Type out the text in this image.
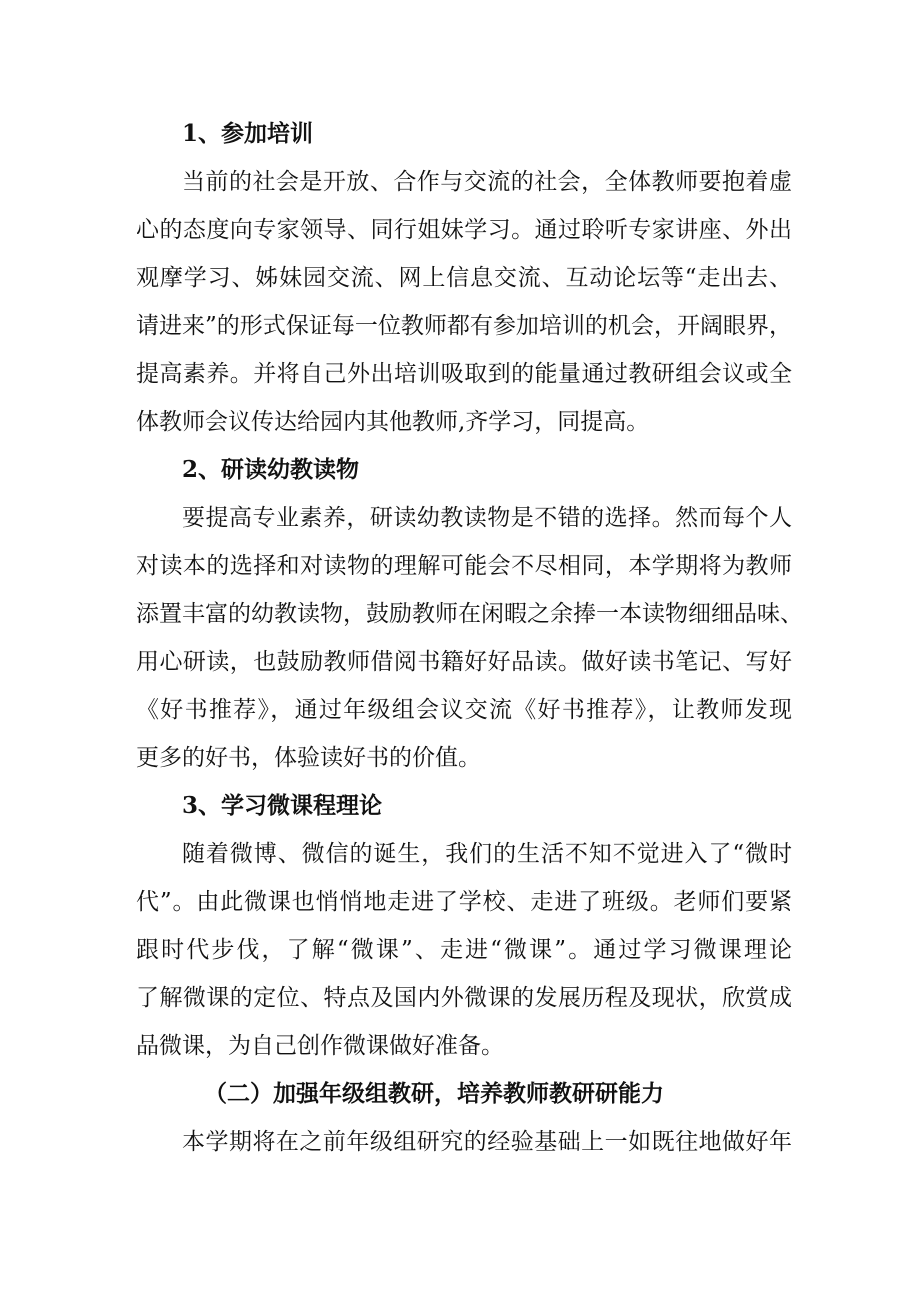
1、参加培训
当前的社会是开放、合作与交流的社会，全体教师要抱着虚
心的态度向专家领导、同行姐妹学习。通过聆听专家讲座、外出
观摩学习、姊妹园交流、网上信息交流、互动论坛等“走出去、
请进来”的形式保证每一位教师都有参加培训的机会，开阔眼界，
提高素养。并将自己外出培训吸取到的能量通过教研组会议或全
体教师会议传达给园内其他教师,齐学习，同提高。
2、研读幼教读物
要提高专业素养，研读幼教读物是不错的选择。然而每个人
对读本的选择和对读物的理解可能会不尽相同，本学期将为教师
添置丰富的幼教读物，鼓励教师在闲暇之余捧一本读物细细品味、
用心研读，也鼓励教师借阅书籍好好品读。做好读书笔记、写好
《好书推荐》，通过年级组会议交流《好书推荐》，让教师发现
更多的好书，体验读好书的价值。
3、学习微课程理论
随着微博、微信的诞生，我们的生活不知不觉进入了“微时
代”。由此微课也悄悄地走进了学校、走进了班级。老师们要紧
跟时代步伐，了解“微课”、走进“微课”。通过学习微课理论
了解微课的定位、特点及国内外微课的发展历程及现状，欣赏成
品微课，为自己创作微课做好准备。
（二）加强年级组教研，培养教师教研研能力
本学期将在之前年级组研究的经验基础上一如既往地做好年
